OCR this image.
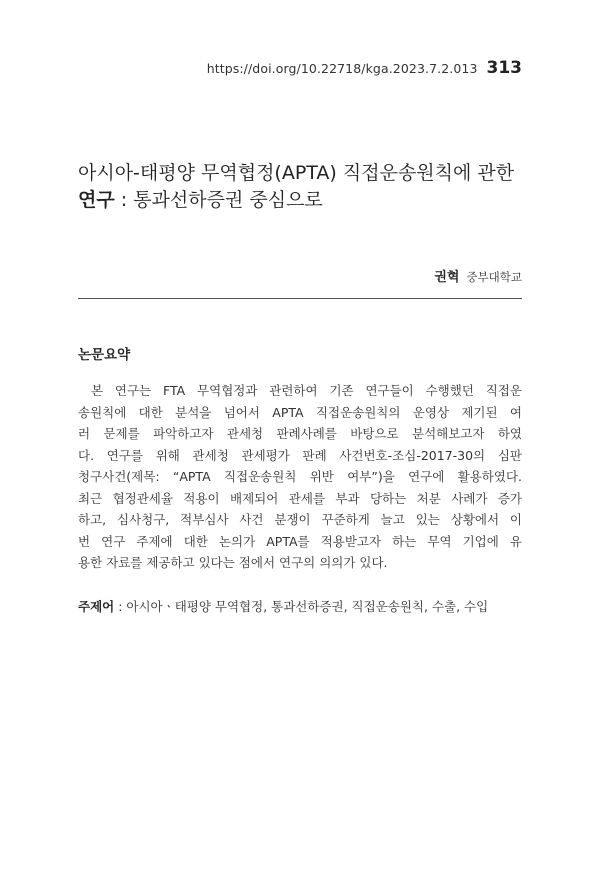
https://doi.org/10.22718/kga.2023.7.2.013 313
아시아-태평양 무역협정(APTA) 직접운송원칙에 관한
연구 : 통과선하증권 중심으로
권혁 중부대학교
논문요약
본 연구는 FTA 무역협정과 관련하여 기존 연구들이 수행했던 직접운
송원칙에 대한 분석을 넘어서 APTA 직접운송원칙의 운영상 제기된 여
러 문제를 파악하고자 관세청 판례사례를 바탕으로 분석해보고자 하였
다. 연구를 위해 관세청 관세평가 판례 사건번호-조심-2017-30의 심판
청구사건(제목: “APTA 직접운송원칙 위반 여부”)을 연구에 활용하였다.
최근 협정관세율 적용이 배제되어 관세를 부과 당하는 처분 사례가 증가
하고, 심사청구, 적부심사 사건 분쟁이 꾸준하게 늘고 있는 상황에서 이
번 연구 주제에 대한 논의가 APTA를 적용받고자 하는 무역 기업에 유
용한 자료를 제공하고 있다는 점에서 연구의 의의가 있다.
주제어 : 아시아ㆍ태평양 무역협정, 통과선하증권, 직접운송원칙, 수출, 수입
